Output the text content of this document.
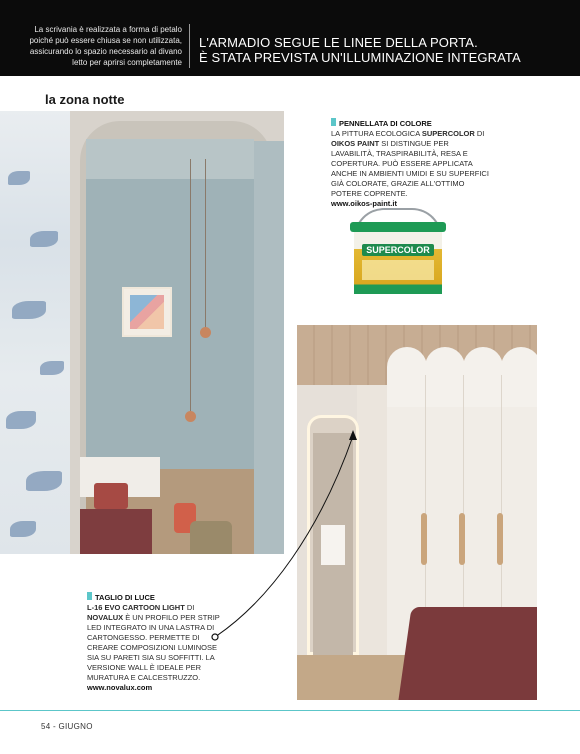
La scrivania è realizzata a forma di petalo
poiché può essere chiusa se non utilizzata,
assicurando lo spazio necessario al divano
letto per aprirsi completamente
L'ARMADIO SEGUE LE LINEE DELLA PORTA.
È STATA PREVISTA UN'ILLUMINAZIONE INTEGRATA
la zona notte
PENNELLATA DI COLORE
LA PITTURA ECOLOGICA SUPERCOLOR DI OIKOS PAINT SI DISTINGUE PER LAVABILITÀ, TRASPIRABILITÀ, RESA E COPERTURA. PUÒ ESSERE APPLICATA ANCHE IN AMBIENTI UMIDI E SU SUPERFICI GIÀ COLORATE, GRAZIE ALL'OTTIMO POTERE COPRENTE.
www.oikos-paint.it
SUPERCOLOR
TAGLIO DI LUCE
L-16 EVO CARTOON LIGHT DI NOVALUX È UN PROFILO PER STRIP LED INTEGRATO IN UNA LASTRA DI CARTONGESSO. PERMETTE DI CREARE COMPOSIZIONI LUMINOSE SIA SU PARETI SIA SU SOFFITTI. LA VERSIONE WALL È IDEALE PER MURATURA E CALCESTRUZZO.
www.novalux.com
54 - GIUGNO
